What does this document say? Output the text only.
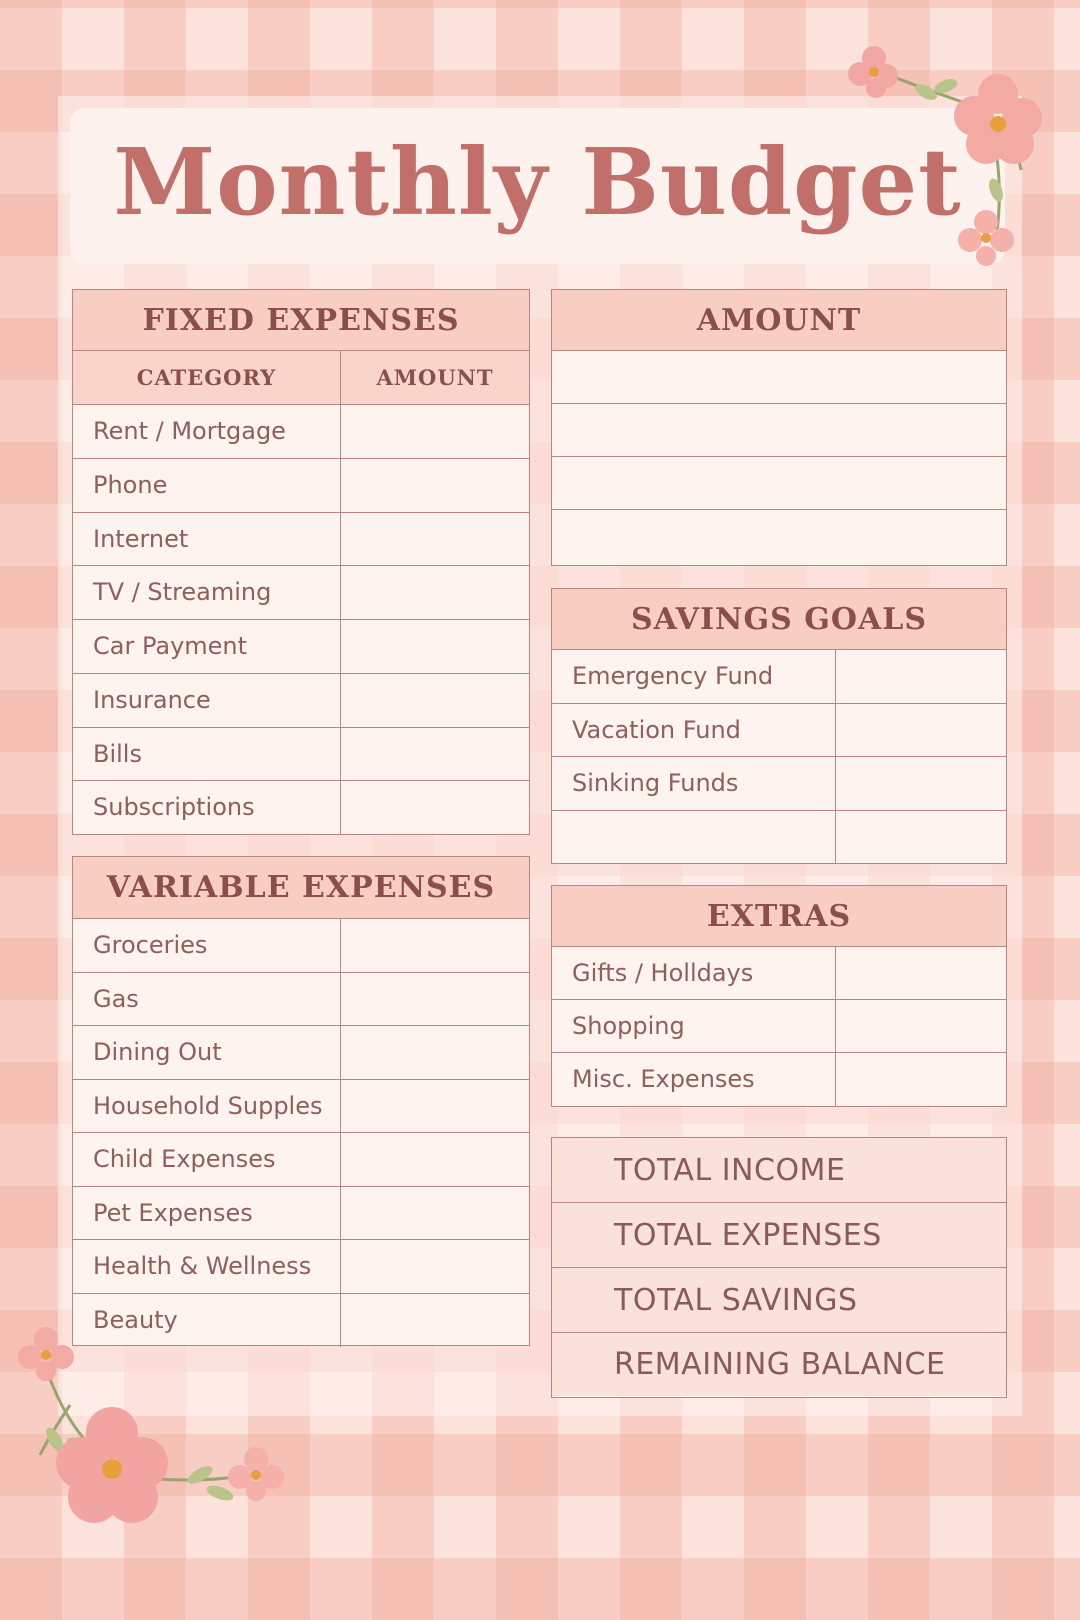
Monthly Budget
FIXED EXPENSES
CATEGORY	AMOUNT
Rent / Mortgage
Phone
Internet
TV / Streaming
Car Payment
Insurance
Bills
Subscriptions
VARIABLE EXPENSES
Groceries
Gas
Dining Out
Household Supples
Child Expenses
Pet Expenses
Health & Wellness
Beauty
AMOUNT
SAVINGS GOALS
Emergency Fund
Vacation Fund
Sinking Funds
EXTRAS
Gifts / Holldays
Shopping
Misc. Expenses
TOTAL INCOME
TOTAL EXPENSES
TOTAL SAVINGS
REMAINING BALANCE
